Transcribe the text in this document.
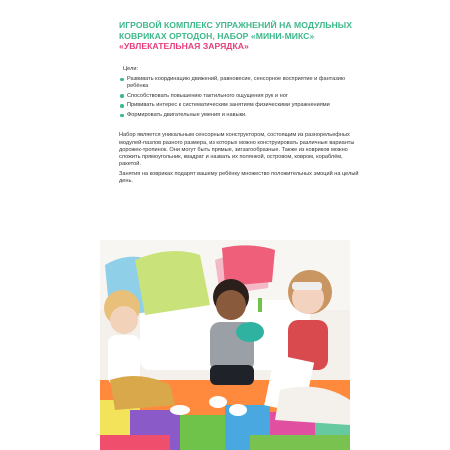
ИГРОВОЙ КОМПЛЕКС УПРАЖНЕНИЙ НА МОДУЛЬНЫХ КОВРИКАХ ОРТОДОН, НАБОР «МИНИ-МИКС» «УВЛЕКАТЕЛЬНАЯ ЗАРЯДКА»
Цели:
Развивать координацию движений, равновесие, сенсорное восприятие и фантазию ребёнка
Способствовать повышению тактильного ощущения рук и ног
Прививать интерес к систематическим занятиям физическими упражнениями
Формировать двигательные умения и навыки.

Набор является уникальным сенсорным конструктором, состоящим из разнорельефных модулей-пазлов разного размера, из которых можно конструировать различные варианты дорожек-тропинок. Они могут быть прямые, зигзагообразные. Также из ковриков можно сложить прямоугольник, квадрат и назвать их полянкой, островом, ковром, кораблём, ракетой.

Занятия на ковриках подарят вашему ребёнку множество положительных эмоций на целый день.
